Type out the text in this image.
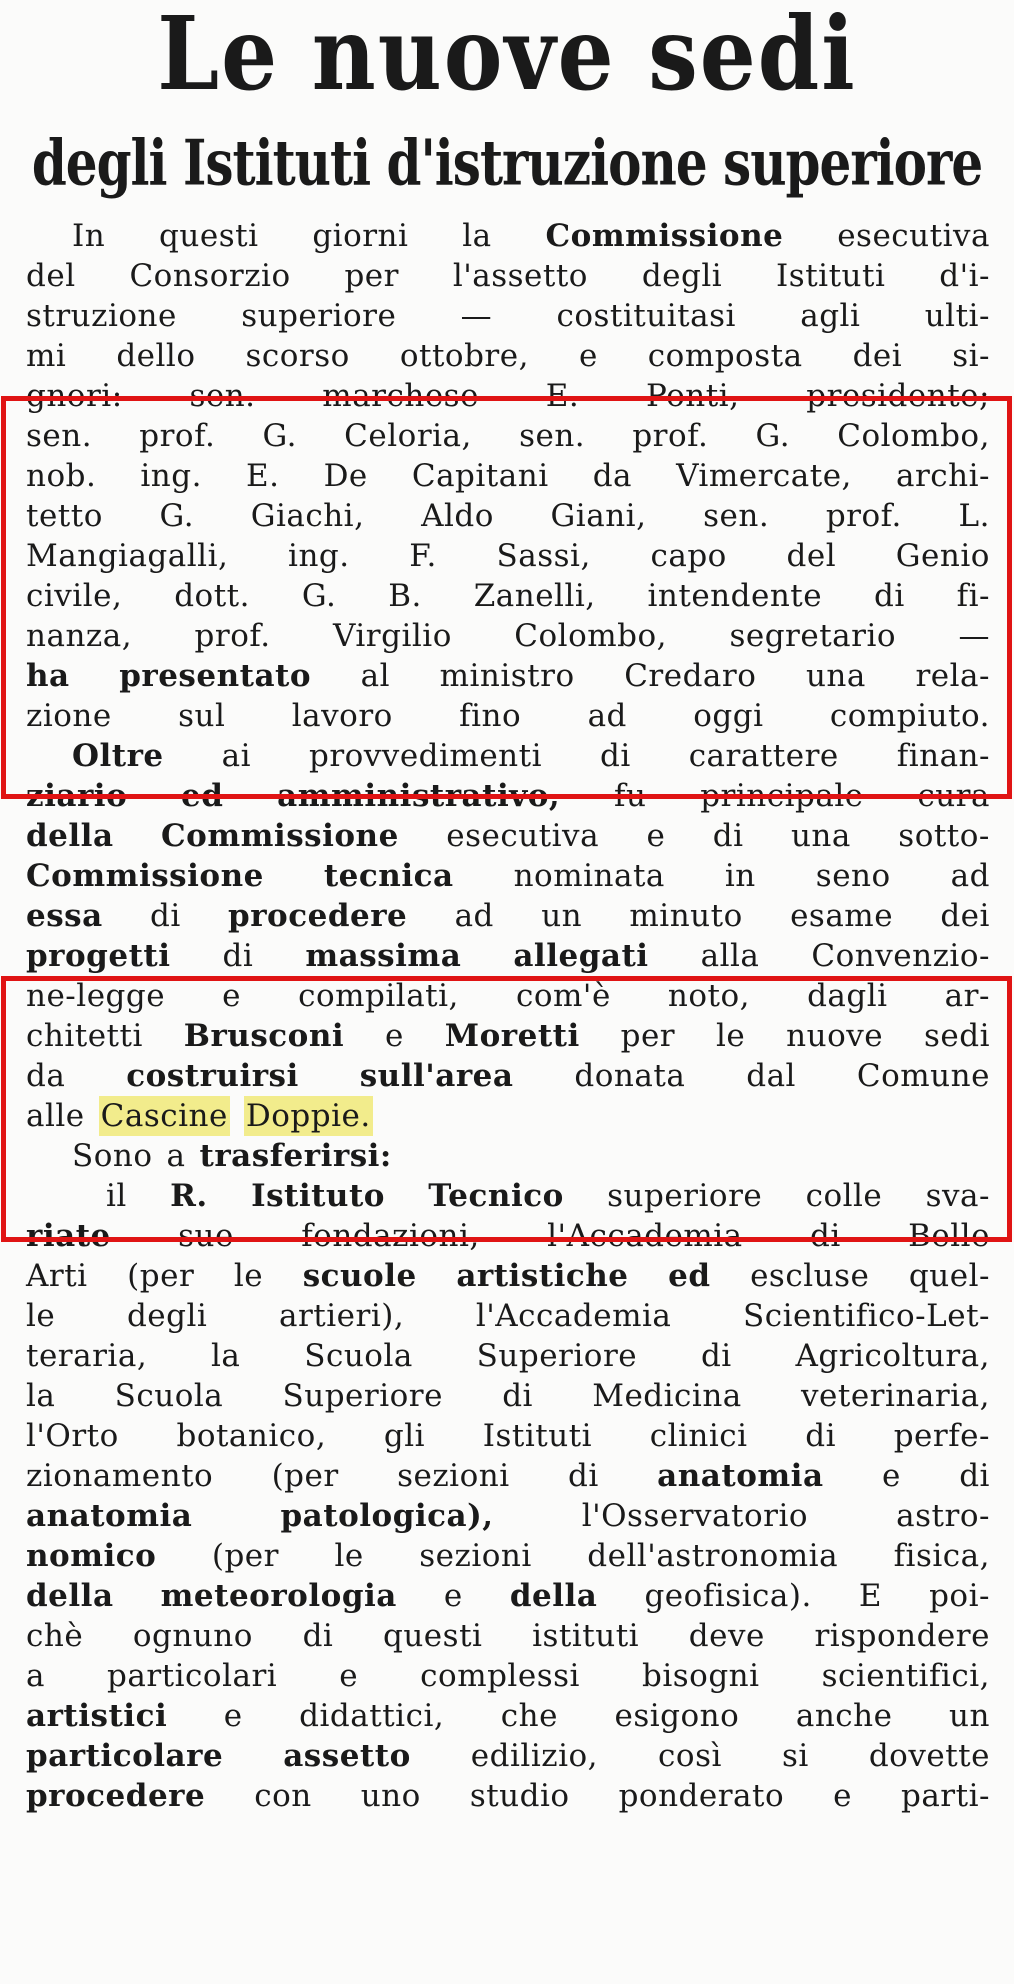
Le nuove sedi
degli Istituti d'istruzione superiore
In questi giorni la Commissione esecutiva
del Consorzio per l'assetto degli Istituti d'i-
struzione superiore — costituitasi agli ulti-
mi dello scorso ottobre, e composta dei si-
gnori: sen. marchese E. Ponti, presidente;
sen. prof. G. Celoria, sen. prof. G. Colombo,
nob. ing. E. De Capitani da Vimercate, archi-
tetto G. Giachi, Aldo Giani, sen. prof. L.
Mangiagalli, ing. F. Sassi, capo del Genio
civile, dott. G. B. Zanelli, intendente di fi-
nanza, prof. Virgilio Colombo, segretario —
ha presentato al ministro Credaro una rela-
zione sul lavoro fino ad oggi compiuto.
Oltre ai provvedimenti di carattere finan-
ziario ed amministrativo, fu principale cura
della Commissione esecutiva e di una sotto-
Commissione tecnica nominata in seno ad
essa di procedere ad un minuto esame dei
progetti di massima allegati alla Convenzio-
ne-legge e compilati, com'è noto, dagli ar-
chitetti Brusconi e Moretti per le nuove sedi
da costruirsi sull'area donata dal Comune
alle Cascine Doppie.
Sono a trasferirsi:
il R. Istituto Tecnico superiore colle sva-
riate sue fondazioni, l'Accademia di Belle
Arti (per le scuole artistiche ed escluse quel-
le degli artieri), l'Accademia Scientifico-Let-
teraria, la Scuola Superiore di Agricoltura,
la Scuola Superiore di Medicina veterinaria,
l'Orto botanico, gli Istituti clinici di perfe-
zionamento (per sezioni di anatomia e di
anatomia	patologica),	l'Osservatorio	astro-
nomico (per le sezioni dell'astronomia fisica,
della meteorologia e della geofisica). E poi-
chè ognuno di questi istituti deve rispondere
a particolari e complessi bisogni scientifici,
artistici e didattici, che esigono anche un
particolare assetto edilizio, così si dovette
procedere con uno studio ponderato e parti-
